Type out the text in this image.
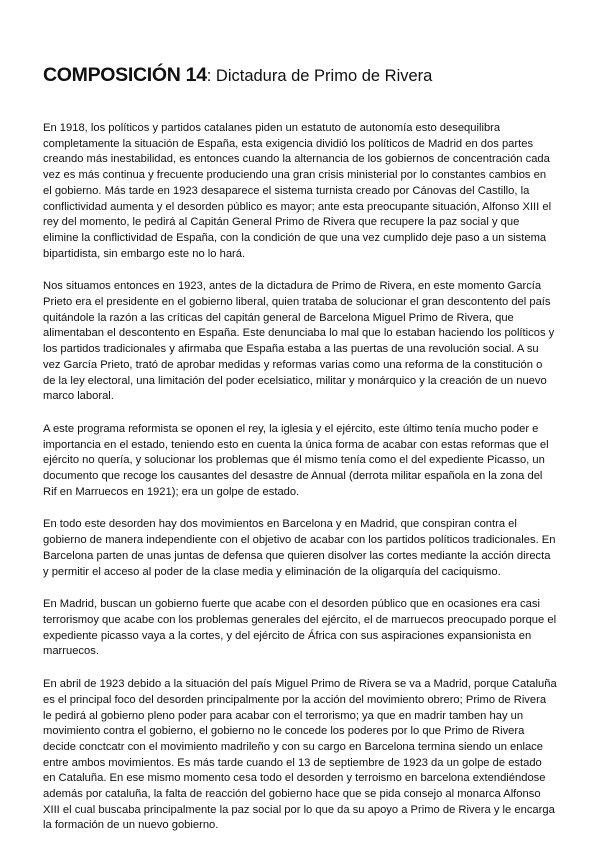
COMPOSICIÓN 14: Dictadura de Primo de Rivera

En 1918, los políticos y partidos catalanes piden un estatuto de autonomía esto desequilibra completamente la situación de España, esta exigencia dividió los políticos de Madrid en dos partes creando más inestabilidad, es entonces cuando la alternancia de los gobiernos de concentración cada vez es más continua y frecuente produciendo una gran crisis ministerial por lo constantes cambios en el gobierno. Más tarde en 1923 desaparece el sistema turnista creado por Cánovas del Castillo, la conflictividad aumenta y el desorden público es mayor; ante esta preocupante situación, Alfonso XIII el rey del momento, le pedirá al Capitán General Primo de Rivera que recupere la paz social y que elimine la conflictividad de España, con la condición de que una vez cumplido deje paso a un sistema bipartidista, sin embargo este no lo hará.

Nos situamos entonces en 1923, antes de la dictadura de Primo de Rivera, en este momento García Prieto era el presidente en el gobierno liberal, quien trataba de solucionar el gran descontento del país quitándole la razón a las críticas del capitán general de Barcelona Miguel Primo de Rivera, que alimentaban el descontento en España. Este denunciaba lo mal que lo estaban haciendo los políticos y los partidos tradicionales y afirmaba que España estaba a las puertas de una revolución social. A su vez García Prieto, trató de aprobar medidas y reformas varias como una reforma de la constitución o de la ley electoral, una limitación del poder ecelsiatico, militar y monárquico y la creación de un nuevo marco laboral.

A este programa reformista se oponen el rey, la iglesia y el ejército, este último tenía mucho poder e importancia en el estado, teniendo esto en cuenta la única forma de acabar con estas reformas que el ejército no quería, y solucionar los problemas que él mismo tenía como el del expediente Picasso, un documento que recoge los causantes del desastre de Annual (derrota militar española en la zona del Rif en Marruecos en 1921); era un golpe de estado.

En todo este desorden hay dos movimientos en Barcelona y en Madrid, que conspiran contra el gobierno de manera independiente con el objetivo de acabar con los partidos políticos tradicionales. En Barcelona parten de unas juntas de defensa que quieren disolver las cortes mediante la acción directa y permitir el acceso al poder de la clase media y eliminación de la oligarquía del caciquismo.

En Madrid, buscan un gobierno fuerte que acabe con el desorden público que en ocasiones era casi terrorismoy que acabe con los problemas generales del ejército, el de marruecos preocupado porque el expediente picasso vaya a la cortes, y del ejército de África con sus aspiraciones expansionista en marruecos.

En abril de 1923 debido a la situación del país Miguel Primo de Rivera se va a Madrid, porque Cataluña es el principal foco del desorden principalmente por la acción del movimiento obrero; Primo de Rivera le pedirá al gobierno pleno poder para acabar con el terrorismo; ya que en madrir tamben hay un movimiento contra el gobierno, el gobierno no le concede los poderes por lo que Primo de Rivera decide conctcatr con el movimiento madrileño y con su cargo en Barcelona termina siendo un enlace entre ambos movimientos. Es más tarde cuando el 13 de septiembre de 1923 da un golpe de estado en Cataluña. En ese mismo momento cesa todo el desorden y terroismo en barcelona extendiéndose además por cataluña, la falta de reacción del gobierno hace que se pida consejo al monarca Alfonso XIII el cual buscaba principalmente la paz social por lo que da su apoyo a Primo de Rivera y le encarga la formación de un nuevo gobierno.
